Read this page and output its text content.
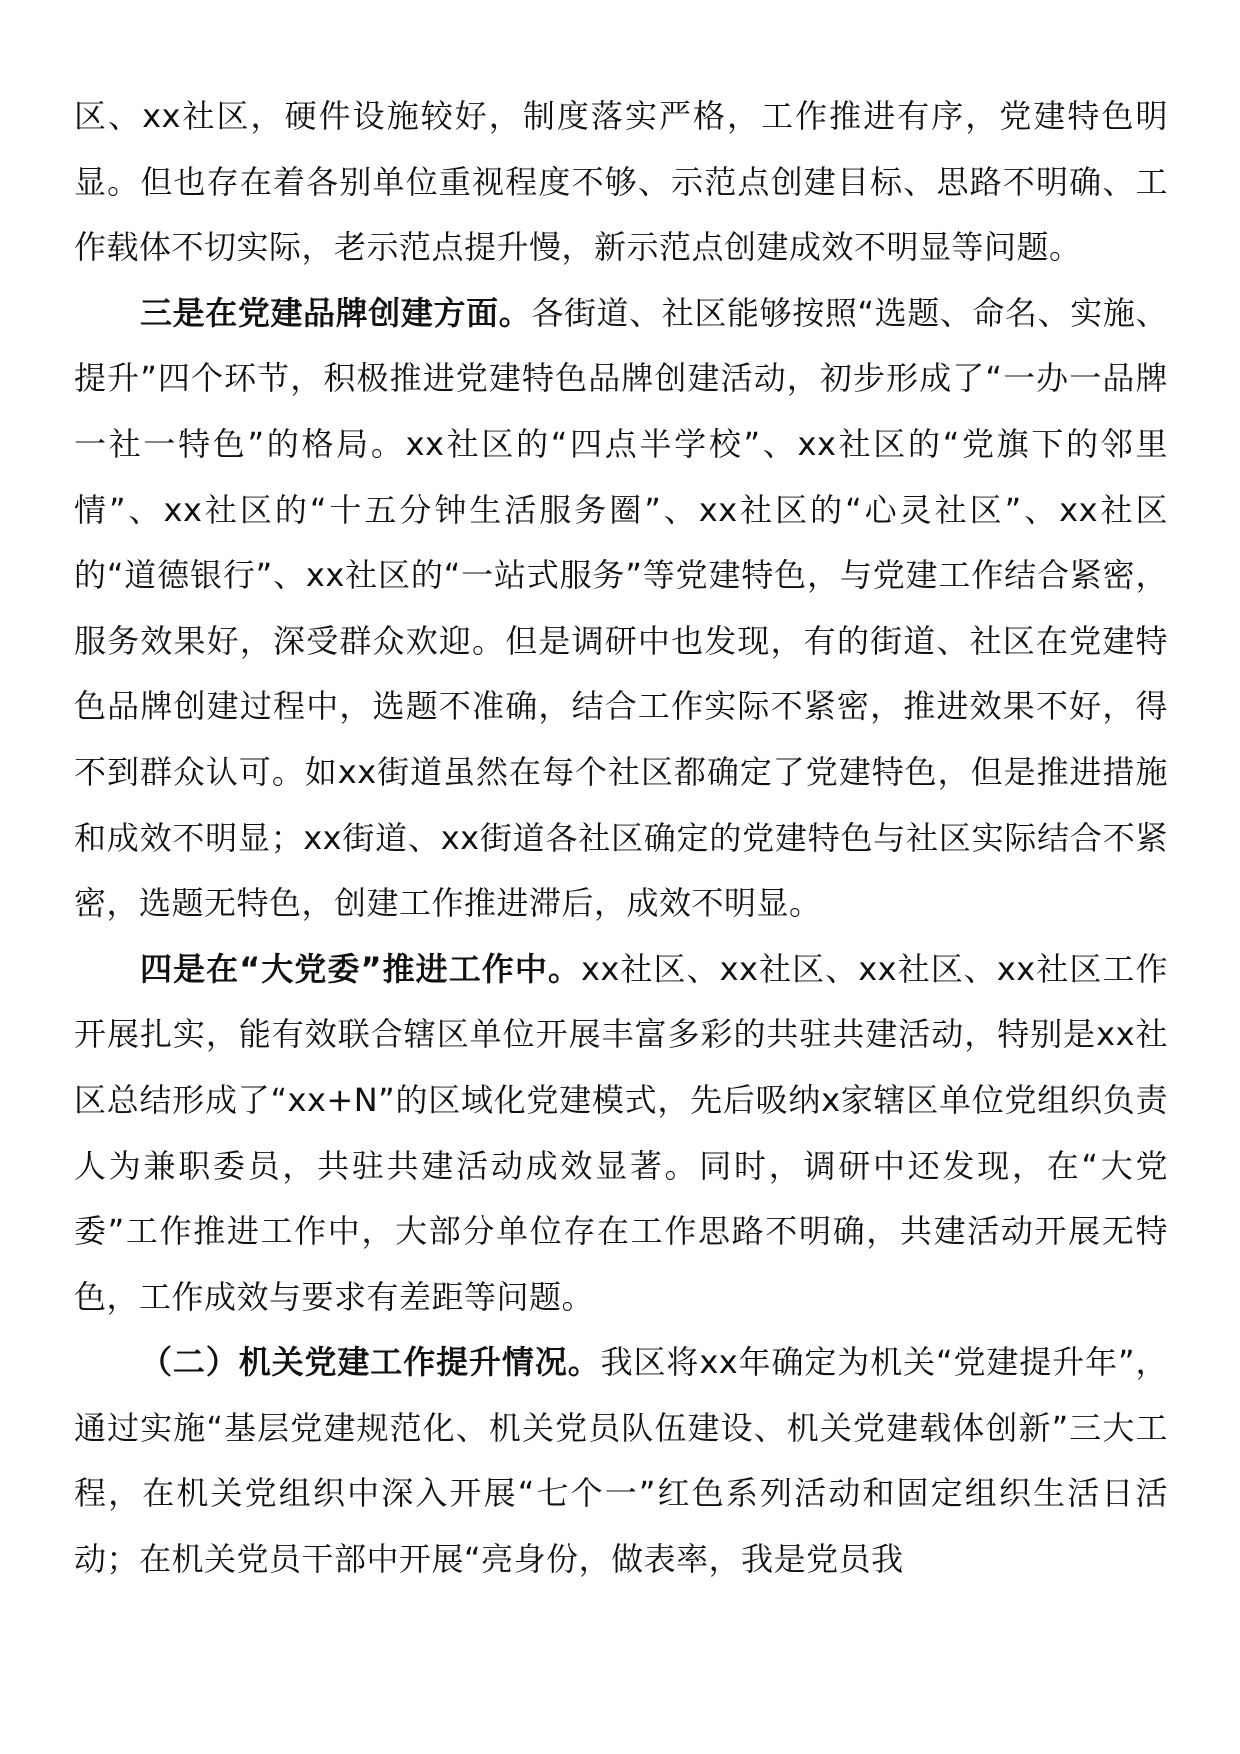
区、xx社区，硬件设施较好，制度落实严格，工作推进有序，党建特色明显。但也存在着各别单位重视程度不够、示范点创建目标、思路不明确、工作载体不切实际，老示范点提升慢，新示范点创建成效不明显等问题。

三是在党建品牌创建方面。各街道、社区能够按照“选题、命名、实施、提升”四个环节，积极推进党建特色品牌创建活动，初步形成了“一办一品牌一社一特色”的格局。xx社区的“四点半学校”、xx社区的“党旗下的邻里情”、xx社区的“十五分钟生活服务圈”、xx社区的“心灵社区”、xx社区的“道德银行”、xx社区的“一站式服务”等党建特色，与党建工作结合紧密，服务效果好，深受群众欢迎。但是调研中也发现，有的街道、社区在党建特色品牌创建过程中，选题不准确，结合工作实际不紧密，推进效果不好，得不到群众认可。如xx街道虽然在每个社区都确定了党建特色，但是推进措施和成效不明显；xx街道、xx街道各社区确定的党建特色与社区实际结合不紧密，选题无特色，创建工作推进滞后，成效不明显。

四是在“大党委”推进工作中。xx社区、xx社区、xx社区、xx社区工作开展扎实，能有效联合辖区单位开展丰富多彩的共驻共建活动，特别是xx社区总结形成了“xx+N”的区域化党建模式，先后吸纳x家辖区单位党组织负责人为兼职委员，共驻共建活动成效显著。同时，调研中还发现，在“大党委”工作推进工作中，大部分单位存在工作思路不明确，共建活动开展无特色，工作成效与要求有差距等问题。

（二）机关党建工作提升情况。我区将xx年确定为机关“党建提升年”，通过实施“基层党建规范化、机关党员队伍建设、机关党建载体创新”三大工程，在机关党组织中深入开展“七个一”红色系列活动和固定组织生活日活动；在机关党员干部中开展“亮身份，做表率，我是党员我
